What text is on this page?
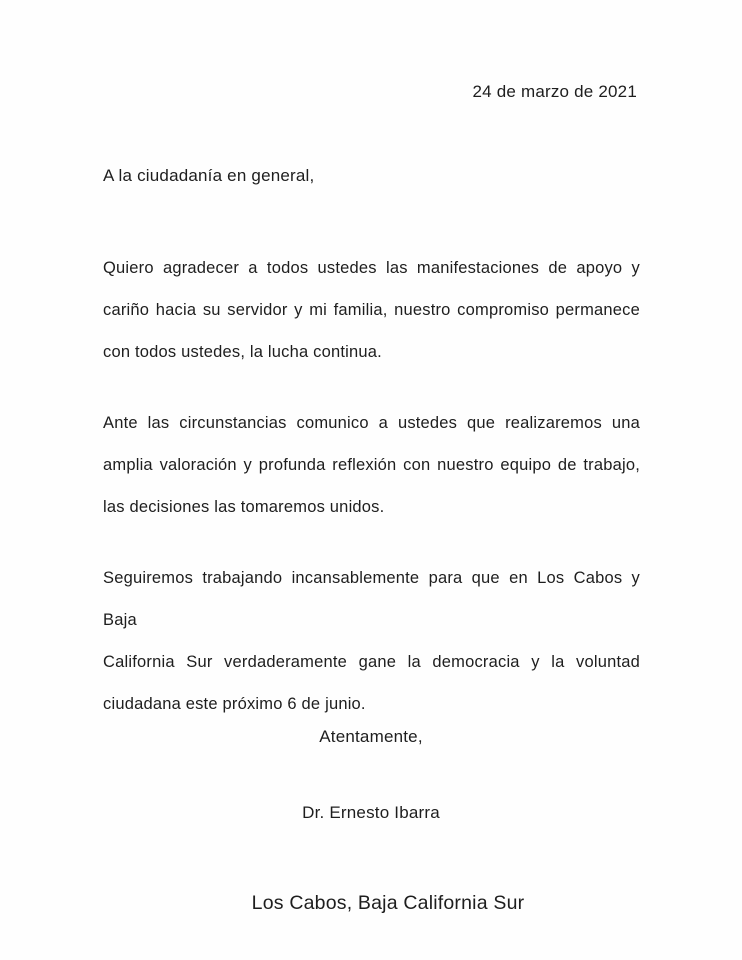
24 de marzo de 2021
A la ciudadanía en general,
Quiero agradecer a todos ustedes las manifestaciones de apoyo y
cariño hacia su servidor y mi familia, nuestro compromiso permanece
con todos ustedes, la lucha continua.
Ante las circunstancias comunico a ustedes que realizaremos una
amplia valoración y profunda reflexión con nuestro equipo de trabajo,
las decisiones las tomaremos unidos.
Seguiremos trabajando incansablemente para que en Los Cabos y Baja
California Sur verdaderamente gane la democracia y la voluntad
ciudadana este próximo 6 de junio.
Atentamente,
Dr. Ernesto Ibarra
Los Cabos, Baja California Sur
